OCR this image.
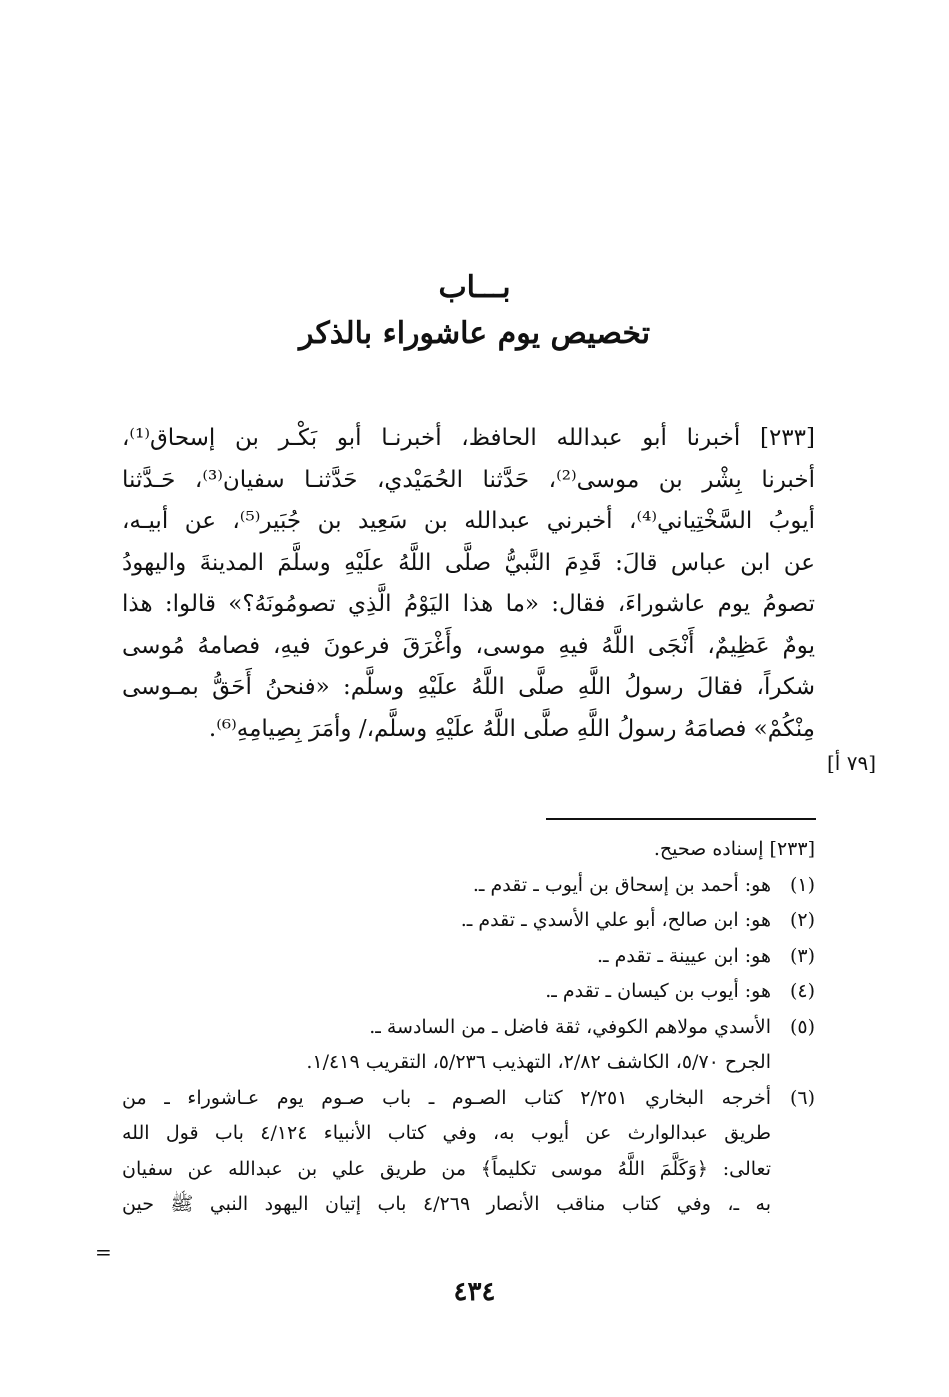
بـــاب
تخصيص يوم عاشوراء بالذكر
[٢٣٣] أخبرنا أبو عبدالله الحافظ، أخبرنـا أبو بَكْـر بن إسحاق⁽¹⁾،
أخبرنا بِشْر بن موسى⁽²⁾، حَدَّثنا الحُمَيْدي، حَدَّثنـا سفيان⁽³⁾، حَـدَّثنا
أيوبُ السَّخْتِياني⁽⁴⁾، أخبرني عبدالله بن سَعِيد بن جُبَير⁽⁵⁾، عن أبيـه،
عن ابن عباس قالَ: قَدِمَ النَّبيُّ صلَّى اللَّهُ علَيْهِ وسلَّمَ المدينةَ واليهودُ
تصومُ يوم عاشوراءَ، فقال: «ما هذا اليَوْمُ الَّذِي تصومُونَهُ؟» قالوا: هذا
يومٌ عَظِيمٌ، أَنْجَى اللَّهُ فيهِ موسى، وأَغْرَقَ فرعونَ فيهِ، فصامهُ مُوسى
شكراً، فقالَ رسولُ اللَّهِ صلَّى اللَّهُ علَيْهِ وسلَّم: «فنحنُ أَحَقُّ بمـوسى
مِنْكُمْ» فصامَهُ رسولُ اللَّهِ صلَّى اللَّهُ علَيْهِ وسلَّم،/ وأمَرَ بِصِيامِهِ⁽⁶⁾.
[٧٩ أ]
[٢٣٣] إسناده صحيح.
(١)
هو: أحمد بن إسحاق بن أيوب ـ تقدم ـ.
(٢)
هو: ابن صالح، أبو علي الأسدي ـ تقدم ـ.
(٣)
هو: ابن عيينة ـ تقدم ـ.
(٤)
هو: أيوب بن كيسان ـ تقدم ـ.
(٥)
الأسدي مولاهم الكوفي، ثقة فاضل ـ من السادسة ـ.
الجرح ٥/٧٠، الكاشف ٢/٨٢، التهذيب ٥/٢٣٦، التقريب ١/٤١٩.
(٦)
أخرجه البخاري ٢/٢٥١ كتاب الصـوم ـ باب صـوم يوم عـاشوراء ـ من
طريق عبدالوارث عن أيوب به، وفي كتاب الأنبياء ٤/١٢٤ باب قول الله
تعالى: ﴿وَكَلَّمَ اللَّهُ موسى تكليماً﴾ من طريق علي بن عبدالله عن سفيان
به ـ، وفي كتاب مناقب الأنصار ٤/٢٦٩ باب إتيان اليهود النبي ﷺ حين
=
٤٣٤
